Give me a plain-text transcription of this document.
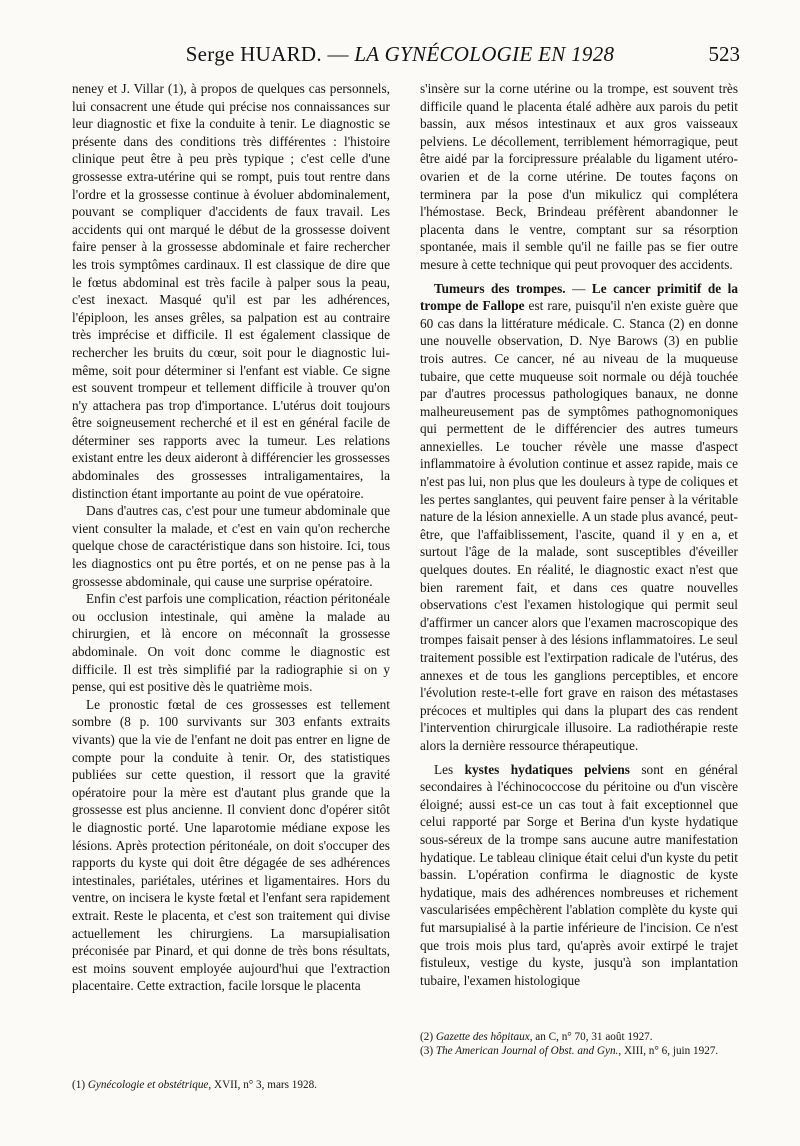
Serge HUARD. — LA GYNÉCOLOGIE EN 1928	523

neney et J. Villar (1), à propos de quelques cas personnels, lui consacrent une étude qui précise nos connaissances sur leur diagnostic et fixe la conduite à tenir. Le diagnostic se présente dans des conditions très différentes : l'histoire clinique peut être à peu près typique ; c'est celle d'une grossesse extra-utérine qui se rompt, puis tout rentre dans l'ordre et la grossesse continue à évoluer abdominalement, pouvant se compliquer d'accidents de faux travail. Les accidents qui ont marqué le début de la grossesse doivent faire penser à la grossesse abdominale et faire rechercher les trois symptômes cardinaux. Il est classique de dire que le fœtus abdominal est très facile à palper sous la peau, c'est inexact. Masqué qu'il est par les adhérences, l'épiploon, les anses grêles, sa palpation est au contraire très imprécise et difficile. Il est également classique de rechercher les bruits du cœur, soit pour le diagnostic lui-même, soit pour déterminer si l'enfant est viable. Ce signe est souvent trompeur et tellement difficile à trouver qu'on n'y attachera pas trop d'importance. L'utérus doit toujours être soigneusement recherché et il est en général facile de déterminer ses rapports avec la tumeur. Les relations existant entre les deux aideront à différencier les grossesses abdominales des grossesses intraligamentaires, la distinction étant importante au point de vue opératoire.

Dans d'autres cas, c'est pour une tumeur abdominale que vient consulter la malade, et c'est en vain qu'on recherche quelque chose de caractéristique dans son histoire. Ici, tous les diagnostics ont pu être portés, et on ne pense pas à la grossesse abdominale, qui cause une surprise opératoire.

Enfin c'est parfois une complication, réaction péritonéale ou occlusion intestinale, qui amène la malade au chirurgien, et là encore on méconnaît la grossesse abdominale. On voit donc comme le diagnostic est difficile. Il est très simplifié par la radiographie si on y pense, qui est positive dès le quatrième mois.

Le pronostic fœtal de ces grossesses est tellement sombre (8 p. 100 survivants sur 303 enfants extraits vivants) que la vie de l'enfant ne doit pas entrer en ligne de compte pour la conduite à tenir. Or, des statistiques publiées sur cette question, il ressort que la gravité opératoire pour la mère est d'autant plus grande que la grossesse est plus ancienne. Il convient donc d'opérer sitôt le diagnostic porté. Une laparotomie médiane expose les lésions. Après protection péritonéale, on doit s'occuper des rapports du kyste qui doit être dégagée de ses adhérences intestinales, pariétales, utérines et ligamentaires. Hors du ventre, on incisera le kyste fœtal et l'enfant sera rapidement extrait. Reste le placenta, et c'est son traitement qui divise actuellement les chirurgiens. La marsupialisation préconisée par Pinard, et qui donne de très bons résultats, est moins souvent employée aujourd'hui que l'extraction placentaire. Cette extraction, facile lorsque le placenta

s'insère sur la corne utérine ou la trompe, est souvent très difficile quand le placenta étalé adhère aux parois du petit bassin, aux mésos intestinaux et aux gros vaisseaux pelviens. Le décollement, terriblement hémorragique, peut être aidé par la forcipressure préalable du ligament utéro-ovarien et de la corne utérine. De toutes façons on terminera par la pose d'un mikulicz qui complétera l'hémostase. Beck, Brindeau préfèrent abandonner le placenta dans le ventre, comptant sur sa résorption spontanée, mais il semble qu'il ne faille pas se fier outre mesure à cette technique qui peut provoquer des accidents.

Tumeurs des trompes. — Le cancer primitif de la trompe de Fallope est rare, puisqu'il n'en existe guère que 60 cas dans la littérature médicale. C. Stanca (2) en donne une nouvelle observation, D. Nye Barows (3) en publie trois autres. Ce cancer, né au niveau de la muqueuse tubaire, que cette muqueuse soit normale ou déjà touchée par d'autres processus pathologiques banaux, ne donne malheureusement pas de symptômes pathognomoniques qui permettent de le différencier des autres tumeurs annexielles. Le toucher révèle une masse d'aspect inflammatoire à évolution continue et assez rapide, mais ce n'est pas lui, non plus que les douleurs à type de coliques et les pertes sanglantes, qui peuvent faire penser à la véritable nature de la lésion annexielle. A un stade plus avancé, peut-être, que l'affaiblissement, l'ascite, quand il y en a, et surtout l'âge de la malade, sont susceptibles d'éveiller quelques doutes. En réalité, le diagnostic exact n'est que bien rarement fait, et dans ces quatre nouvelles observations c'est l'examen histologique qui permit seul d'affirmer un cancer alors que l'examen macroscopique des trompes faisait penser à des lésions inflammatoires. Le seul traitement possible est l'extirpation radicale de l'utérus, des annexes et de tous les ganglions perceptibles, et encore l'évolution reste-t-elle fort grave en raison des métastases précoces et multiples qui dans la plupart des cas rendent l'intervention chirurgicale illusoire. La radiothérapie reste alors la dernière ressource thérapeutique.

Les kystes hydatiques pelviens sont en général secondaires à l'échinococcose du péritoine ou d'un viscère éloigné; aussi est-ce un cas tout à fait exceptionnel que celui rapporté par Sorge et Berina d'un kyste hydatique sous-séreux de la trompe sans aucune autre manifestation hydatique. Le tableau clinique était celui d'un kyste du petit bassin. L'opération confirma le diagnostic de kyste hydatique, mais des adhérences nombreuses et richement vascularisées empêchèrent l'ablation complète du kyste qui fut marsupialisé à la partie inférieure de l'incision. Ce n'est que trois mois plus tard, qu'après avoir extirpé le trajet fistuleux, vestige du kyste, jusqu'à son implantation tubaire, l'examen histologique

(2) Gazette des hôpitaux, an C, n° 70, 31 août 1927.

(3) The American Journal of Obst. and Gyn., XIII, n° 6, juin 1927.

(1) Gynécologie et obstétrique, XVII, n° 3, mars 1928.
